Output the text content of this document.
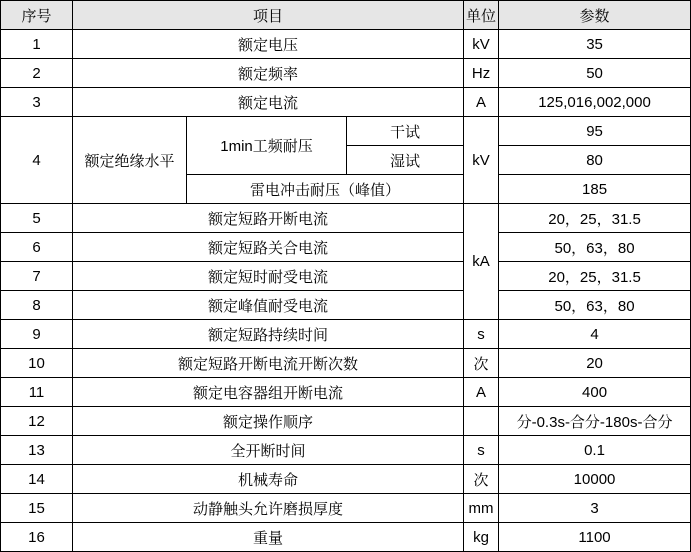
序号	项目			单位	参数
1	额定电压			kV	35
2	额定频率			Hz	50
3	额定电流			A	125,016,002,000
4	额定绝缘水平	1min工频耐压	干试	kV	95
			湿试		80
		雷电冲击耐压（峰值）			185
5	额定短路开断电流			kA	20，25，31.5
6	额定短路关合电流				50，63，80
7	额定短时耐受电流				20，25，31.5
8	额定峰值耐受电流				50，63，80
9	额定短路持续时间			s	4
10	额定短路开断电流开断次数			次	20
11	额定电容器组开断电流			A	400
12	额定操作顺序				分-0.3s-合分-180s-合分
13	全开断时间			s	0.1
14	机械寿命			次	10000
15	动静触头允许磨损厚度			mm	3
16	重量			kg	1100
